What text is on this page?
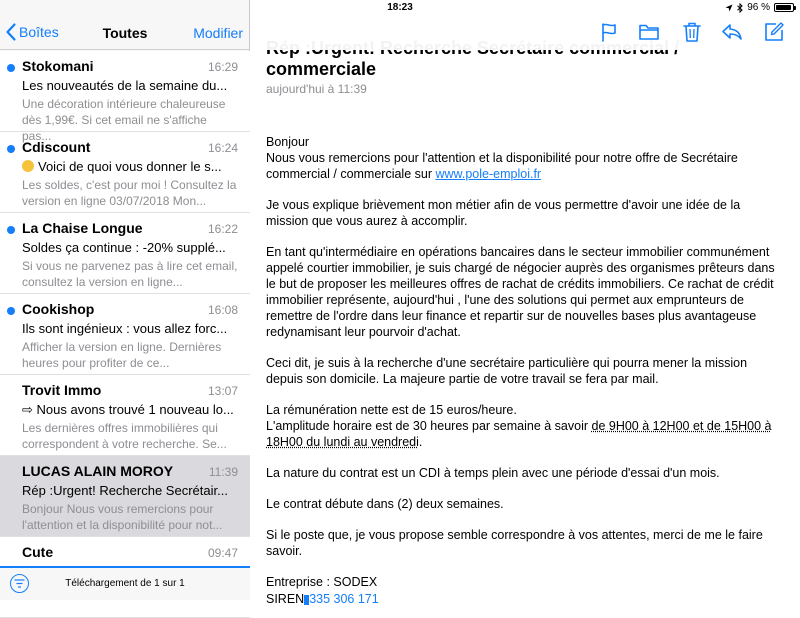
18:23	96 %
Boîtes	Toutes	Modifier
Stokomani	16:29
Les nouveautés de la semaine du...
Une décoration intérieure chaleureuse dès 1,99€. Si cet email ne s'affiche pas...
Cdiscount	16:24
Voici de quoi vous donner le s...
Les soldes, c'est pour moi ! Consultez la version en ligne 03/07/2018 Mon...
La Chaise Longue	16:22
Soldes ça continue : -20% supplé...
Si vous ne parvenez pas à lire cet email, consultez la version en ligne...
Cookishop	16:08
Ils sont ingénieux : vous allez forc...
Afficher la version en ligne. Dernières heures pour profiter de ce...
Trovit Immo	13:07
⇨ Nous avons trouvé 1 nouveau lo...
Les dernières offres immobilières qui correspondent à votre recherche. Se...
LUCAS ALAIN MOROY	11:39
Rép :Urgent! Recherche Secrétair...
Bonjour Nous vous remercions pour l'attention et la disponibilité pour not...
Cute	09:47
Téléchargement de 1 sur 1
commerciale
aujourd'hui à 11:39

Bonjour
Nous vous remercions pour l'attention et la disponibilité pour notre offre de Secrétaire commercial / commerciale sur www.pole-emploi.fr

Je vous explique brièvement mon métier afin de vous permettre d'avoir une idée de la mission que vous aurez à accomplir.

En tant qu'intermédiaire en opérations bancaires dans le secteur immobilier communément appelé courtier immobilier, je suis chargé de négocier auprès des organismes prêteurs dans le but de proposer les meilleures offres de rachat de crédits immobiliers. Ce rachat de crédit immobilier représente, aujourd'hui , l'une des solutions qui permet aux emprunteurs de remettre de l'ordre dans leur finance et repartir sur de nouvelles bases plus avantageuse redynamisant leur pourvoir d'achat.

Ceci dit, je suis à la recherche d'une secrétaire particulière qui pourra mener la mission depuis son domicile. La majeure partie de votre travail se fera par mail.

La rémunération nette est de 15 euros/heure.
L'amplitude horaire est de 30 heures par semaine à savoir de 9H00 à 12H00 et de 15H00 à 18H00 du lundi au vendredi.

La nature du contrat est un CDI à temps plein avec une période d'essai d'un mois.

Le contrat débute dans (2) deux semaines.

Si le poste que, je vous propose semble correspondre à vos attentes, merci de me le faire savoir.

Entreprise : SODEX
SIREN 335 306 171
